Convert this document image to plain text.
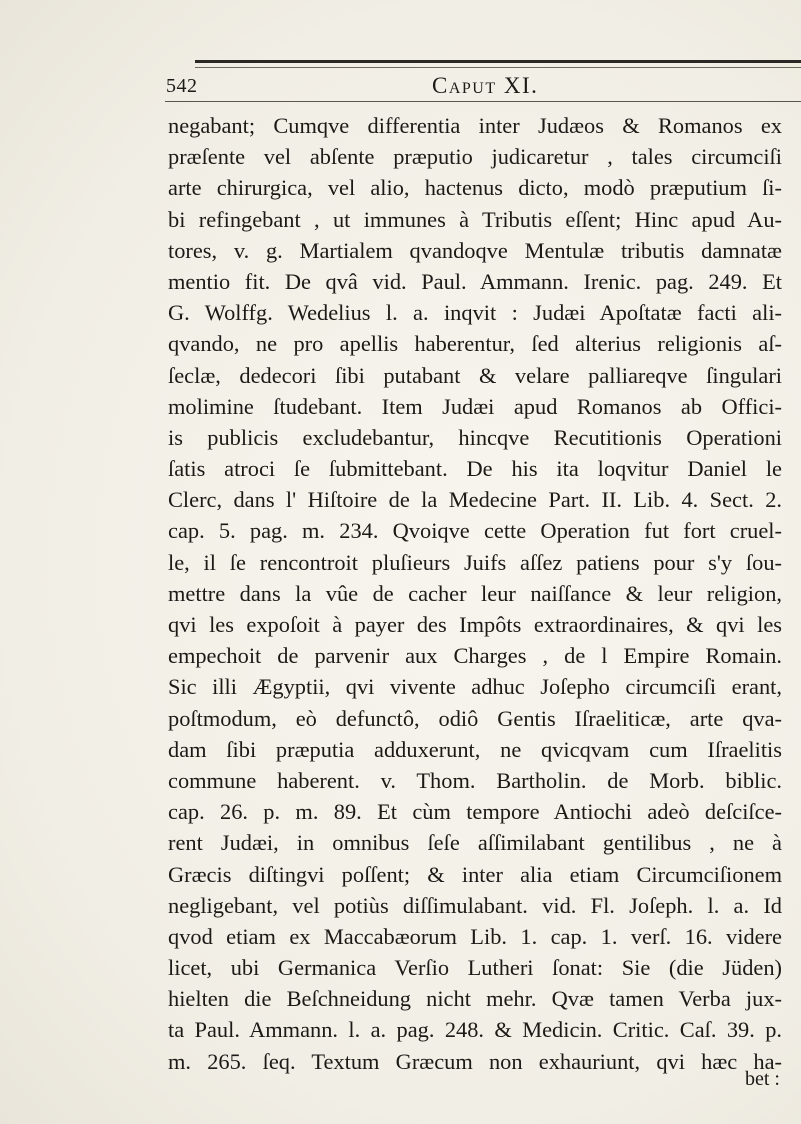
542	Caput XI.
negabant; Cumqve differentia inter Judæos & Romanos ex
præſente vel abſente præputio judicaretur , tales circumciſi
arte chirurgica, vel alio, hactenus dicto, modò præputium ſi-
bi refingebant , ut immunes à Tributis eſſent; Hinc apud Au-
tores, v. g. Martialem qvandoqve Mentulæ tributis damnatæ
mentio fit. De qvâ vid. Paul. Ammann. Irenic. pag. 249. Et
G. Wolffg. Wedelius l. a. inqvit : Judæi Apoſtatæ facti ali-
qvando, ne pro apellis haberentur, ſed alterius religionis aſ-
ſeclæ, dedecori ſibi putabant & velare palliareqve ſingulari
molimine ſtudebant. Item Judæi apud Romanos ab Offici-
is publicis excludebantur, hincqve Recutitionis Operationi
ſatis atroci ſe ſubmittebant. De his ita loqvitur Daniel le
Clerc, dans l' Hiſtoire de la Medecine Part. II. Lib. 4. Sect. 2.
cap. 5. pag. m. 234. Qvoiqve cette Operation fut fort cruel-
le, il ſe rencontroit pluſieurs Juifs aſſez patiens pour s'y ſou-
mettre dans la vûe de cacher leur naiſſance & leur religion,
qvi les expoſoit à payer des Impôts extraordinaires, & qvi les
empechoit de parvenir aux Charges , de l Empire Romain.
Sic illi Ægyptii, qvi vivente adhuc Joſepho circumciſi erant,
poſtmodum, eò defunctô, odiô Gentis Iſraeliticæ, arte qva-
dam ſibi præputia adduxerunt, ne qvicqvam cum Iſraelitis
commune haberent. v. Thom. Bartholin. de Morb. biblic.
cap. 26. p. m. 89. Et cùm tempore Antiochi adeò deſciſce-
rent Judæi, in omnibus ſeſe aſſimilabant gentilibus , ne à
Græcis diſtingvi poſſent; & inter alia etiam Circumciſionem
negligebant, vel potiùs diſſimulabant. vid. Fl. Joſeph. l. a. Id
qvod etiam ex Maccabæorum Lib. 1. cap. 1. verſ. 16. videre
licet, ubi Germanica Verſio Lutheri ſonat: Sie (die Jüden)
hielten die Beſchneidung nicht mehr. Qvæ tamen Verba jux-
ta Paul. Ammann. l. a. pag. 248. & Medicin. Critic. Caſ. 39. p.
m. 265. ſeq. Textum Græcum non exhauriunt, qvi hæc ha-
bet :
